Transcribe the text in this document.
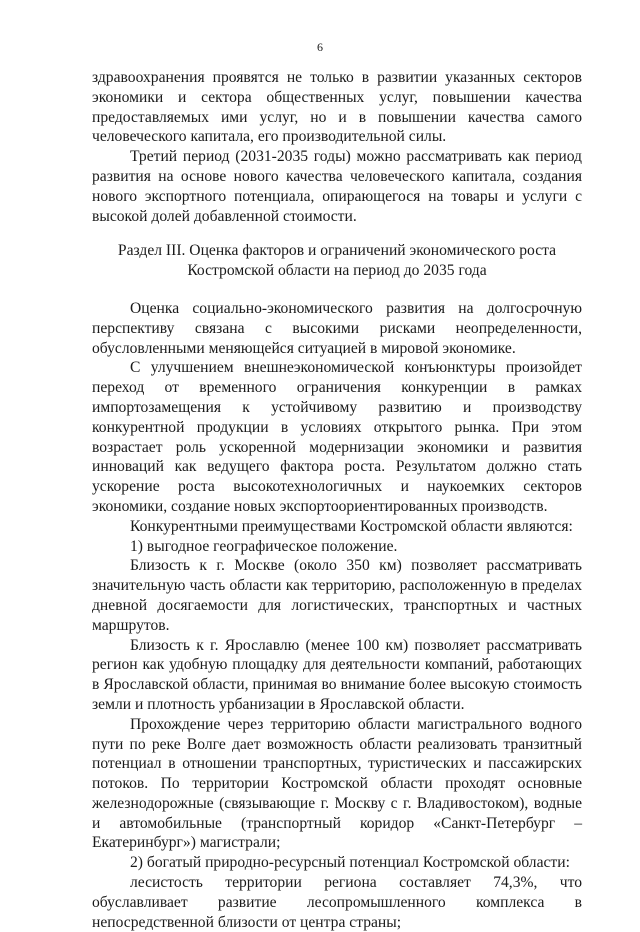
6

здравоохранения проявятся не только в развитии указанных секторов экономики и сектора общественных услуг, повышении качества предоставляемых ими услуг, но и в повышении качества самого человеческого капитала, его производительной силы.

Третий период (2031-2035 годы) можно рассматривать как период развития на основе нового качества человеческого капитала, создания нового экспортного потенциала, опирающегося на товары и услуги с высокой долей добавленной стоимости.

Раздел III. Оценка факторов и ограничений экономического роста
Костромской области на период до 2035 года

Оценка социально-экономического развития на долгосрочную перспективу связана с высокими рисками неопределенности, обусловленными меняющейся ситуацией в мировой экономике.

С улучшением внешнеэкономической конъюнктуры произойдет переход от временного ограничения конкуренции в рамках импортозамещения к устойчивому развитию и производству конкурентной продукции в условиях открытого рынка. При этом возрастает роль ускоренной модернизации экономики и развития инноваций как ведущего фактора роста. Результатом должно стать ускорение роста высокотехнологичных и наукоемких секторов экономики, создание новых экспортоориентированных производств.

Конкурентными преимуществами Костромской области являются:

1) выгодное географическое положение.

Близость к г. Москве (около 350 км) позволяет рассматривать значительную часть области как территорию, расположенную в пределах дневной досягаемости для логистических, транспортных и частных маршрутов.

Близость к г. Ярославлю (менее 100 км) позволяет рассматривать регион как удобную площадку для деятельности компаний, работающих в Ярославской области, принимая во внимание более высокую стоимость земли и плотность урбанизации в Ярославской области.

Прохождение через территорию области магистрального водного пути по реке Волге дает возможность области реализовать транзитный потенциал в отношении транспортных, туристических и пассажирских потоков. По территории Костромской области проходят основные железнодорожные (связывающие г. Москву с г. Владивостоком), водные и автомобильные (транспортный коридор «Санкт-Петербург – Екатеринбург») магистрали;

2) богатый природно-ресурсный потенциал Костромской области:

лесистость территории региона составляет 74,3%, что обуславливает развитие лесопромышленного комплекса в непосредственной близости от центра страны;
